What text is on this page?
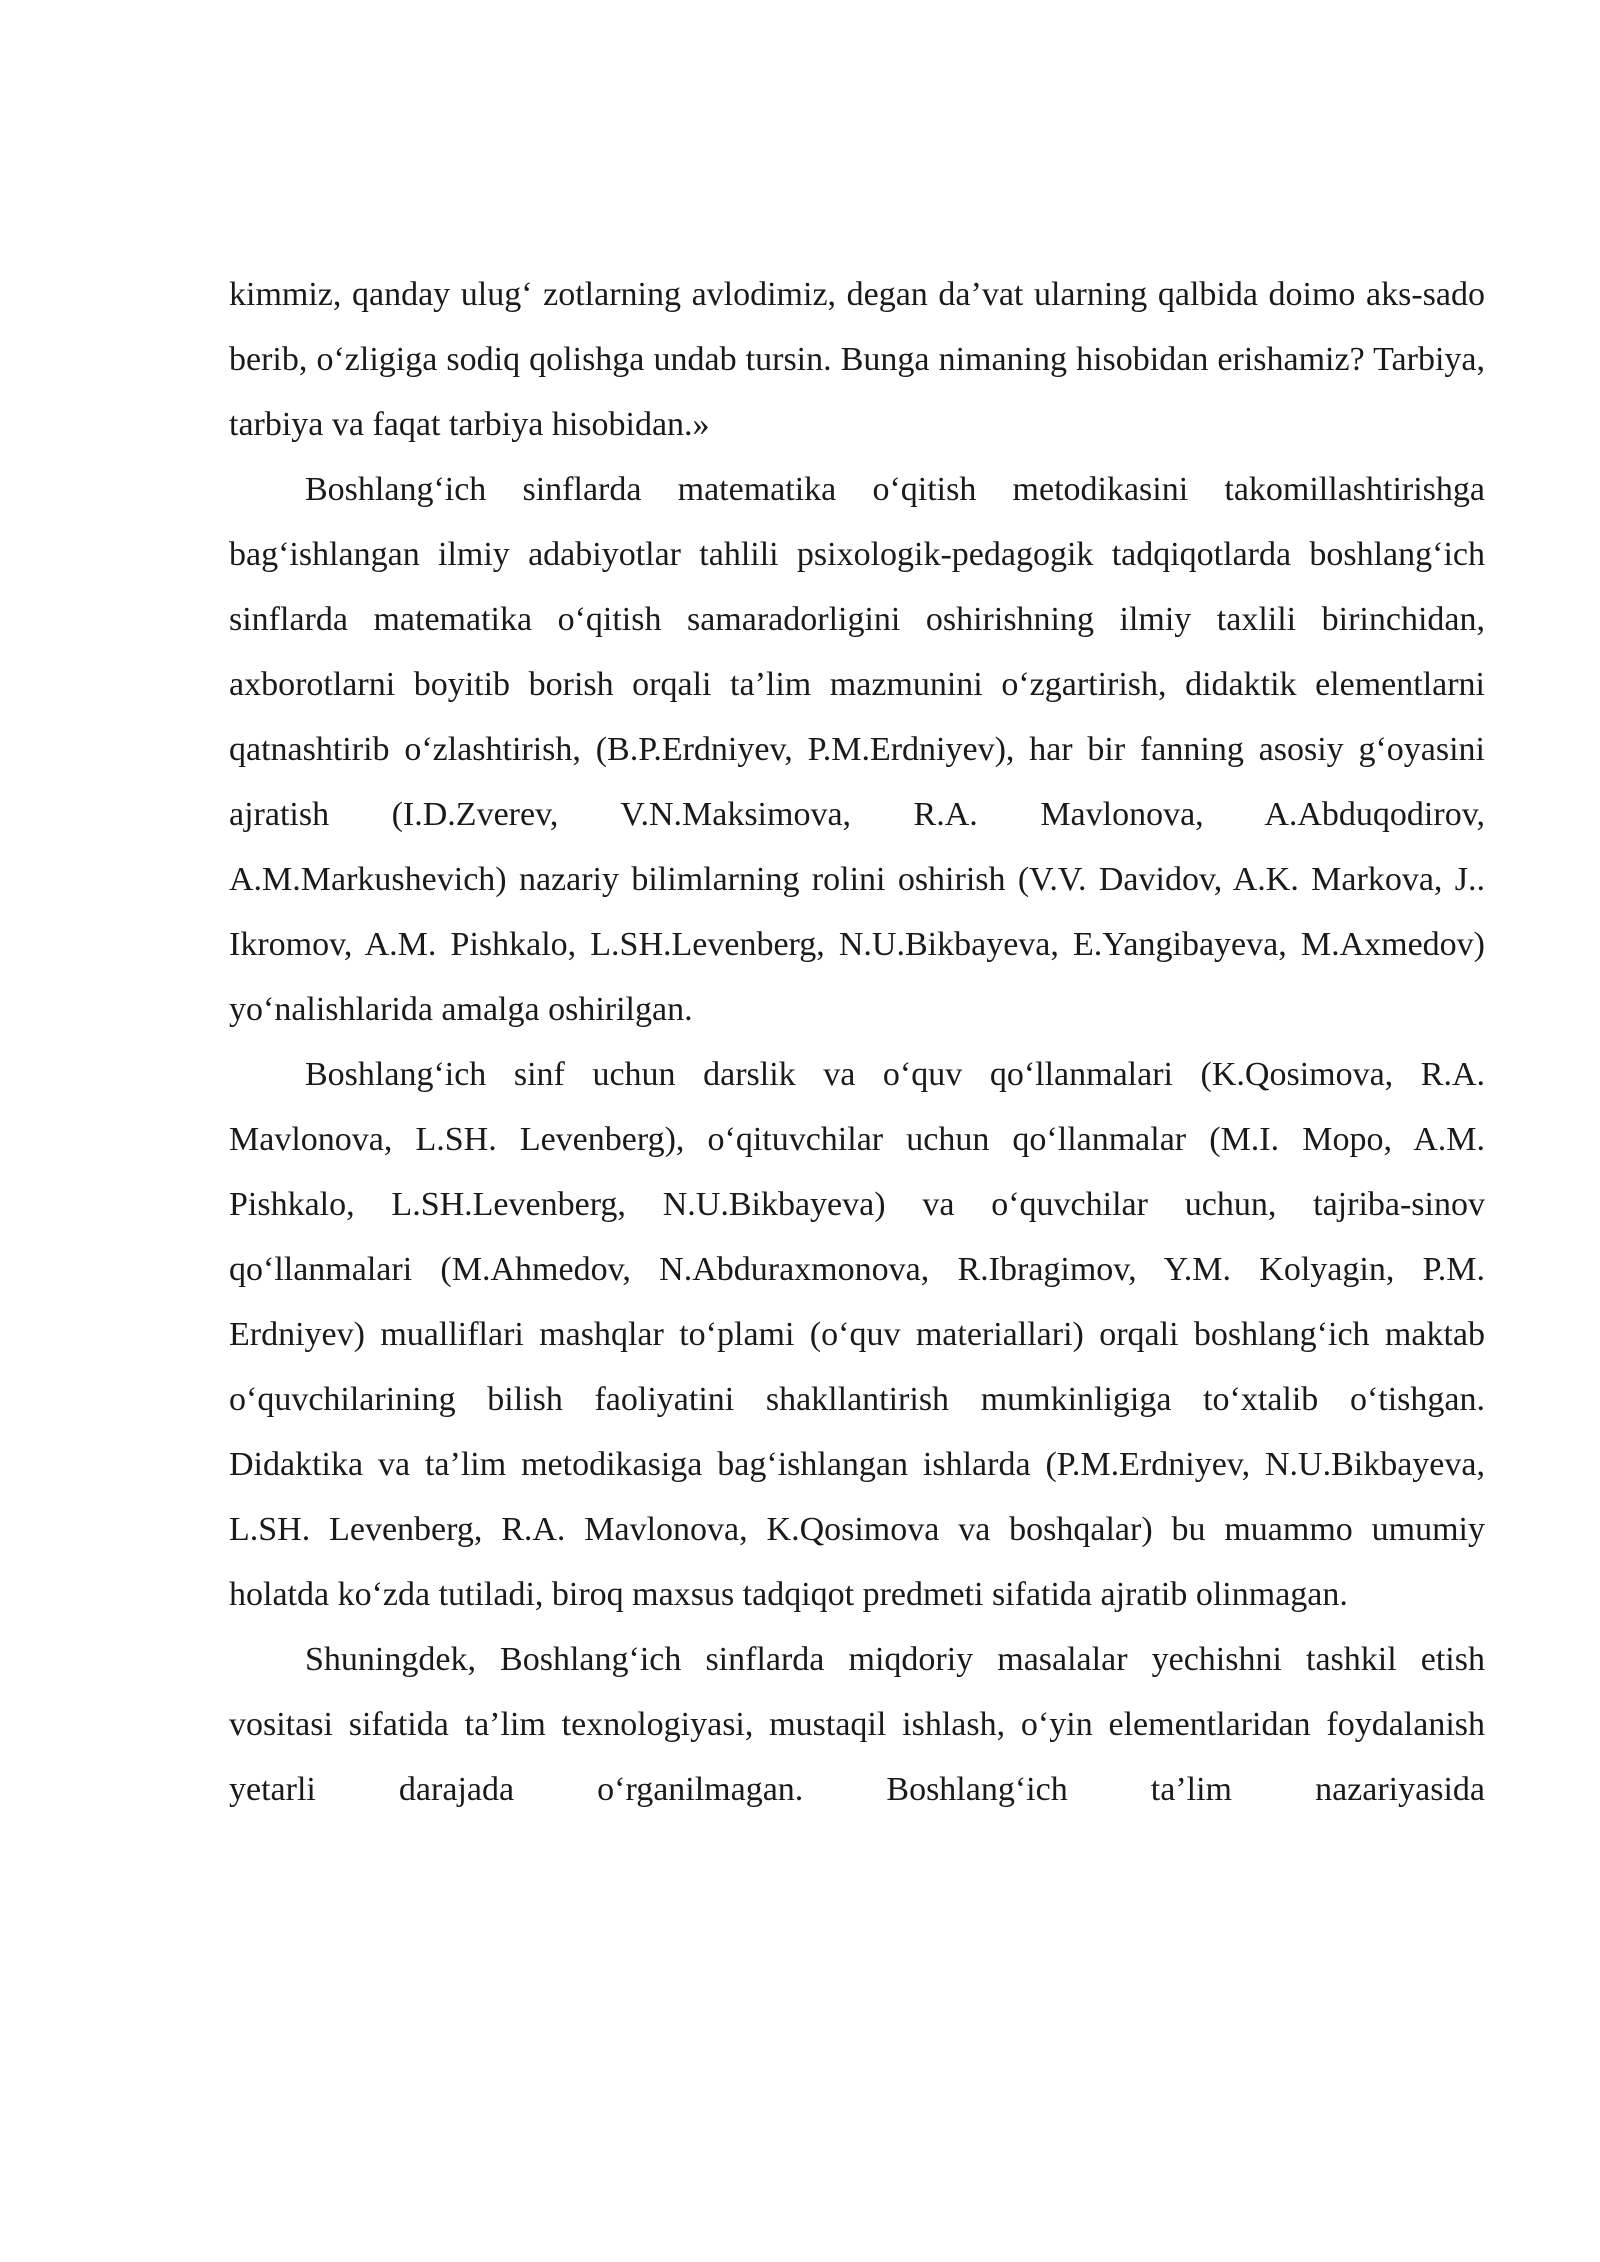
kimmiz, qanday ulug‘ zotlarning avlodimiz, degan da’vat ularning qalbida doimo aks-sado berib, o‘zligiga sodiq qolishga undab tursin. Bunga nimaning hisobidan erishamiz? Tarbiya, tarbiya va faqat tarbiya hisobidan.»

Boshlang‘ich sinflarda matematika o‘qitish metodikasini takomillashtirishga bag‘ishlangan ilmiy adabiyotlar tahlili psixologik-pedagogik tadqiqotlarda boshlang‘ich sinflarda matematika o‘qitish samaradorligini oshirishning ilmiy taxlili birinchidan, axborotlarni boyitib borish orqali ta’lim mazmunini o‘zgartirish, didaktik elementlarni qatnashtirib o‘zlashtirish, (B.P.Erdniyev, P.M.Erdniyev), har bir fanning asosiy g‘oyasini ajratish (I.D.Zverev, V.N.Maksimova, R.A. Mavlonova, A.Abduqodirov, A.M.Markushevich) nazariy bilimlarning rolini oshirish (V.V. Davidov, A.K. Markova, J.. Ikromov, A.M. Pishkalo, L.SH.Levenberg, N.U.Bikbayeva, E.Yangibayeva, M.Axmedov) yo‘nalishlarida amalga oshirilgan.

Boshlang‘ich sinf uchun darslik va o‘quv qo‘llanmalari (K.Qosimova, R.A. Mavlonova, L.SH. Levenberg), o‘qituvchilar uchun qo‘llanmalar (M.I. Mopo, A.M. Pishkalo, L.SH.Levenberg, N.U.Bikbayeva) va o‘quvchilar uchun, tajriba-sinov qo‘llanmalari (M.Ahmedov, N.Abduraxmonova, R.Ibragimov, Y.M. Kolyagin, P.M. Erdniyev) mualliflari mashqlar to‘plami (o‘quv materiallari) orqali boshlang‘ich maktab o‘quvchilarining bilish faoliyatini shakllantirish mumkinligiga to‘xtalib o‘tishgan. Didaktika va ta’lim metodikasiga bag‘ishlangan ishlarda (P.M.Erdniyev, N.U.Bikbayeva, L.SH. Levenberg, R.A. Mavlonova, K.Qosimova va boshqalar) bu muammo umumiy holatda ko‘zda tutiladi, biroq maxsus tadqiqot predmeti sifatida ajratib olinmagan.

Shuningdek, Boshlang‘ich sinflarda miqdoriy masalalar yechishni tashkil etish vositasi sifatida ta’lim texnologiyasi, mustaqil ishlash, o‘yin elementlaridan foydalanish yetarli darajada o‘rganilmagan. Boshlang‘ich ta’lim nazariyasida
